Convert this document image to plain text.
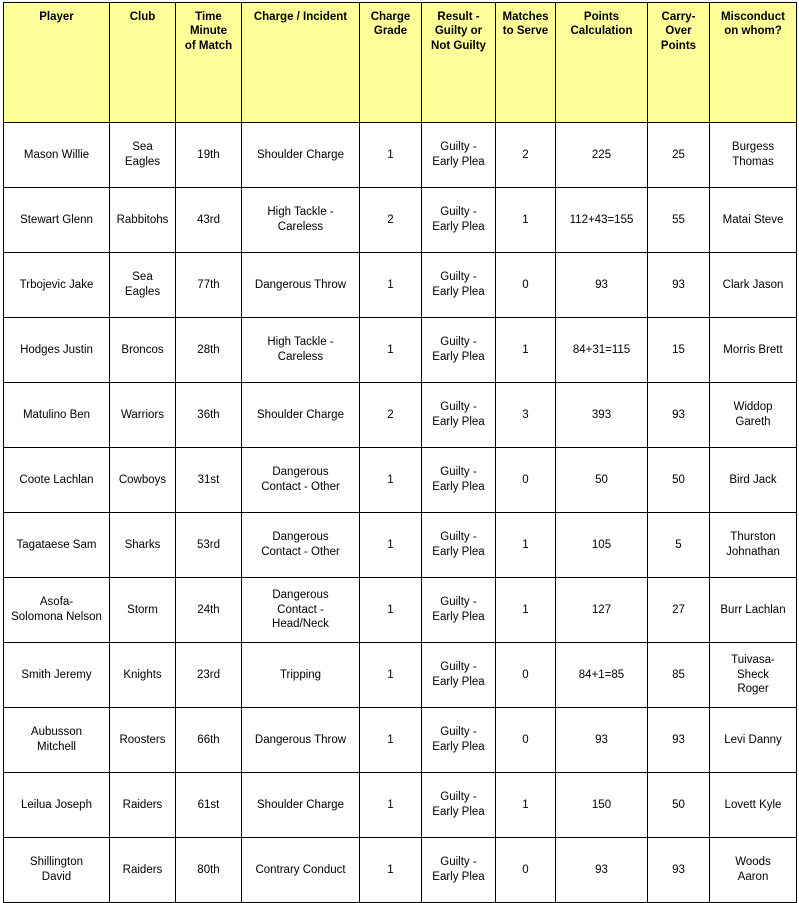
Player	Club	Time
Minute
of Match	Charge / Incident	Charge
Grade	Result -
Guilty or
Not Guilty	Matches
to Serve	Points
Calculation	Carry-
Over
Points	Misconduct
on whom?
Mason Willie	Sea
Eagles	19th	Shoulder Charge	1	Guilty -
Early Plea	2	225	25	Burgess
Thomas
Stewart Glenn	Rabbitohs	43rd	High Tackle -
Careless	2	Guilty -
Early Plea	1	112+43=155	55	Matai Steve
Trbojevic Jake	Sea
Eagles	77th	Dangerous Throw	1	Guilty -
Early Plea	0	93	93	Clark Jason
Hodges Justin	Broncos	28th	High Tackle -
Careless	1	Guilty -
Early Plea	1	84+31=115	15	Morris Brett
Matulino Ben	Warriors	36th	Shoulder Charge	2	Guilty -
Early Plea	3	393	93	Widdop
Gareth
Coote Lachlan	Cowboys	31st	Dangerous
Contact - Other	1	Guilty -
Early Plea	0	50	50	Bird Jack
Tagataese Sam	Sharks	53rd	Dangerous
Contact - Other	1	Guilty -
Early Plea	1	105	5	Thurston
Johnathan
Asofa-
Solomona Nelson	Storm	24th	Dangerous
Contact -
Head/Neck	1	Guilty -
Early Plea	1	127	27	Burr Lachlan
Smith Jeremy	Knights	23rd	Tripping	1	Guilty -
Early Plea	0	84+1=85	85	Tuivasa-
Sheck
Roger
Aubusson
Mitchell	Roosters	66th	Dangerous Throw	1	Guilty -
Early Plea	0	93	93	Levi Danny
Leilua Joseph	Raiders	61st	Shoulder Charge	1	Guilty -
Early Plea	1	150	50	Lovett Kyle
Shillington
David	Raiders	80th	Contrary Conduct	1	Guilty -
Early Plea	0	93	93	Woods
Aaron
